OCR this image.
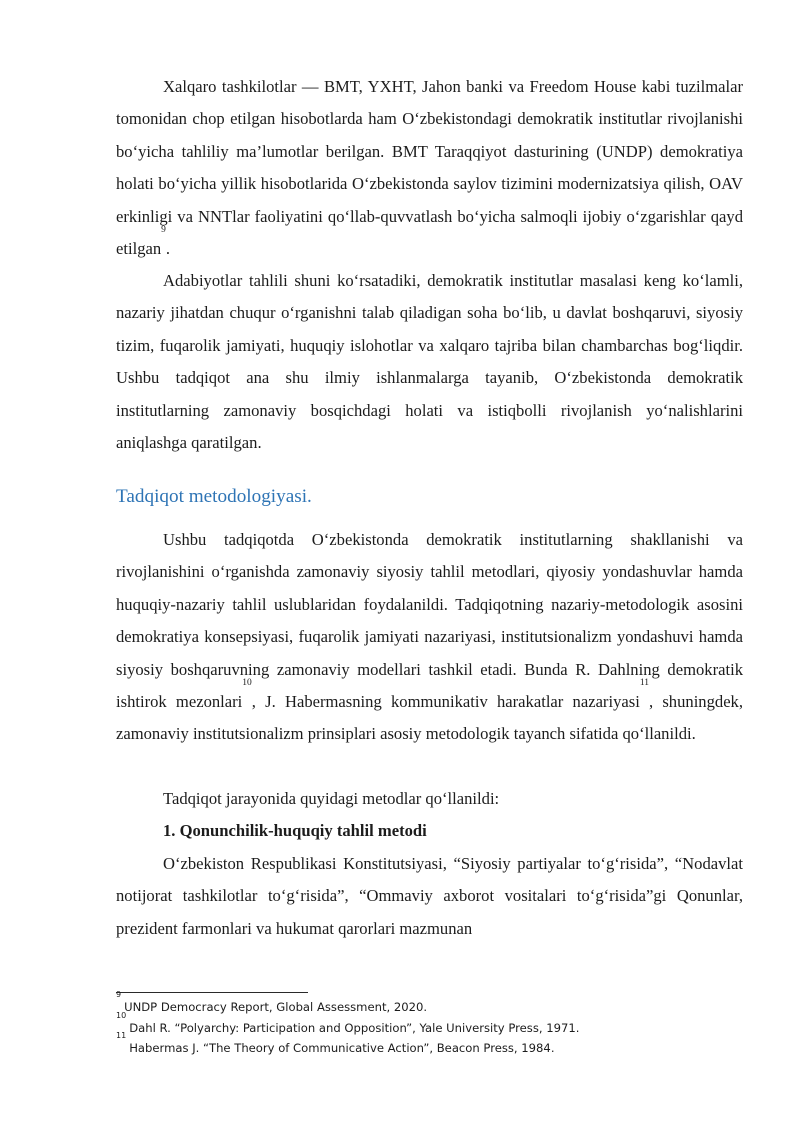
Xalqaro tashkilotlar — BMT, YXHT, Jahon banki va Freedom House kabi tuzilmalar tomonidan chop etilgan hisobotlarda ham O‘zbekistondagi demokratik institutlar rivojlanishi bo‘yicha tahliliy ma’lumotlar berilgan. BMT Taraqqiyot dasturining (UNDP) demokratiya holati bo‘yicha yillik hisobotlarida O‘zbekistonda saylov tizimini modernizatsiya qilish, OAV erkinligi va NNTlar faoliyatini qo‘llab-quvvatlash bo‘yicha salmoqli ijobiy o‘zgarishlar qayd etilgan$^9$.

Adabiyotlar tahlili shuni ko‘rsatadiki, demokratik institutlar masalasi keng ko‘lamli, nazariy jihatdan chuqur o‘rganishni talab qiladigan soha bo‘lib, u davlat boshqaruvi, siyosiy tizim, fuqarolik jamiyati, huquqiy islohotlar va xalqaro tajriba bilan chambarchas bog‘liqdir. Ushbu tadqiqot ana shu ilmiy ishlanmalarga tayanib, O‘zbekistonda demokratik institutlarning zamonaviy bosqichdagi holati va istiqbolli rivojlanish yo‘nalishlarini aniqlashga qaratilgan.

Tadqiqot metodologiyasi.

Ushbu tadqiqotda O‘zbekistonda demokratik institutlarning shakllanishi va rivojlanishini o‘rganishda zamonaviy siyosiy tahlil metodlari, qiyosiy yondashuvlar hamda huquqiy-nazariy tahlil uslublaridan foydalanildi. Tadqiqotning nazariy-metodologik asosini demokratiya konsepsiyasi, fuqarolik jamiyati nazariyasi, institutsionalizm yondashuvi hamda siyosiy boshqaruvning zamonaviy modellari tashkil etadi. Bunda R. Dahlning demokratik ishtirok mezonlari$^{10}$, J. Habermasning kommunikativ harakatlar nazariyasi$^{11}$, shuningdek, zamonaviy institutsionalizm prinsiplari asosiy metodologik tayanch sifatida qo‘llanildi.

Tadqiqot jarayonida quyidagi metodlar qo‘llanildi:

1. Qonunchilik-huquqiy tahlil metodi

O‘zbekiston Respublikasi Konstitutsiyasi, “Siyosiy partiyalar to‘g‘risida”, “Nodavlat notijorat tashkilotlar to‘g‘risida”, “Ommaviy axborot vositalari to‘g‘risida”gi Qonunlar, prezident farmonlari va hukumat qarorlari mazmunan

$^9$UNDP Democracy Report, Global Assessment, 2020.

$^{10}$Dahl R. “Polyarchy: Participation and Opposition”, Yale University Press, 1971.

$^{11}$Habermas J. “The Theory of Communicative Action”, Beacon Press, 1984.
